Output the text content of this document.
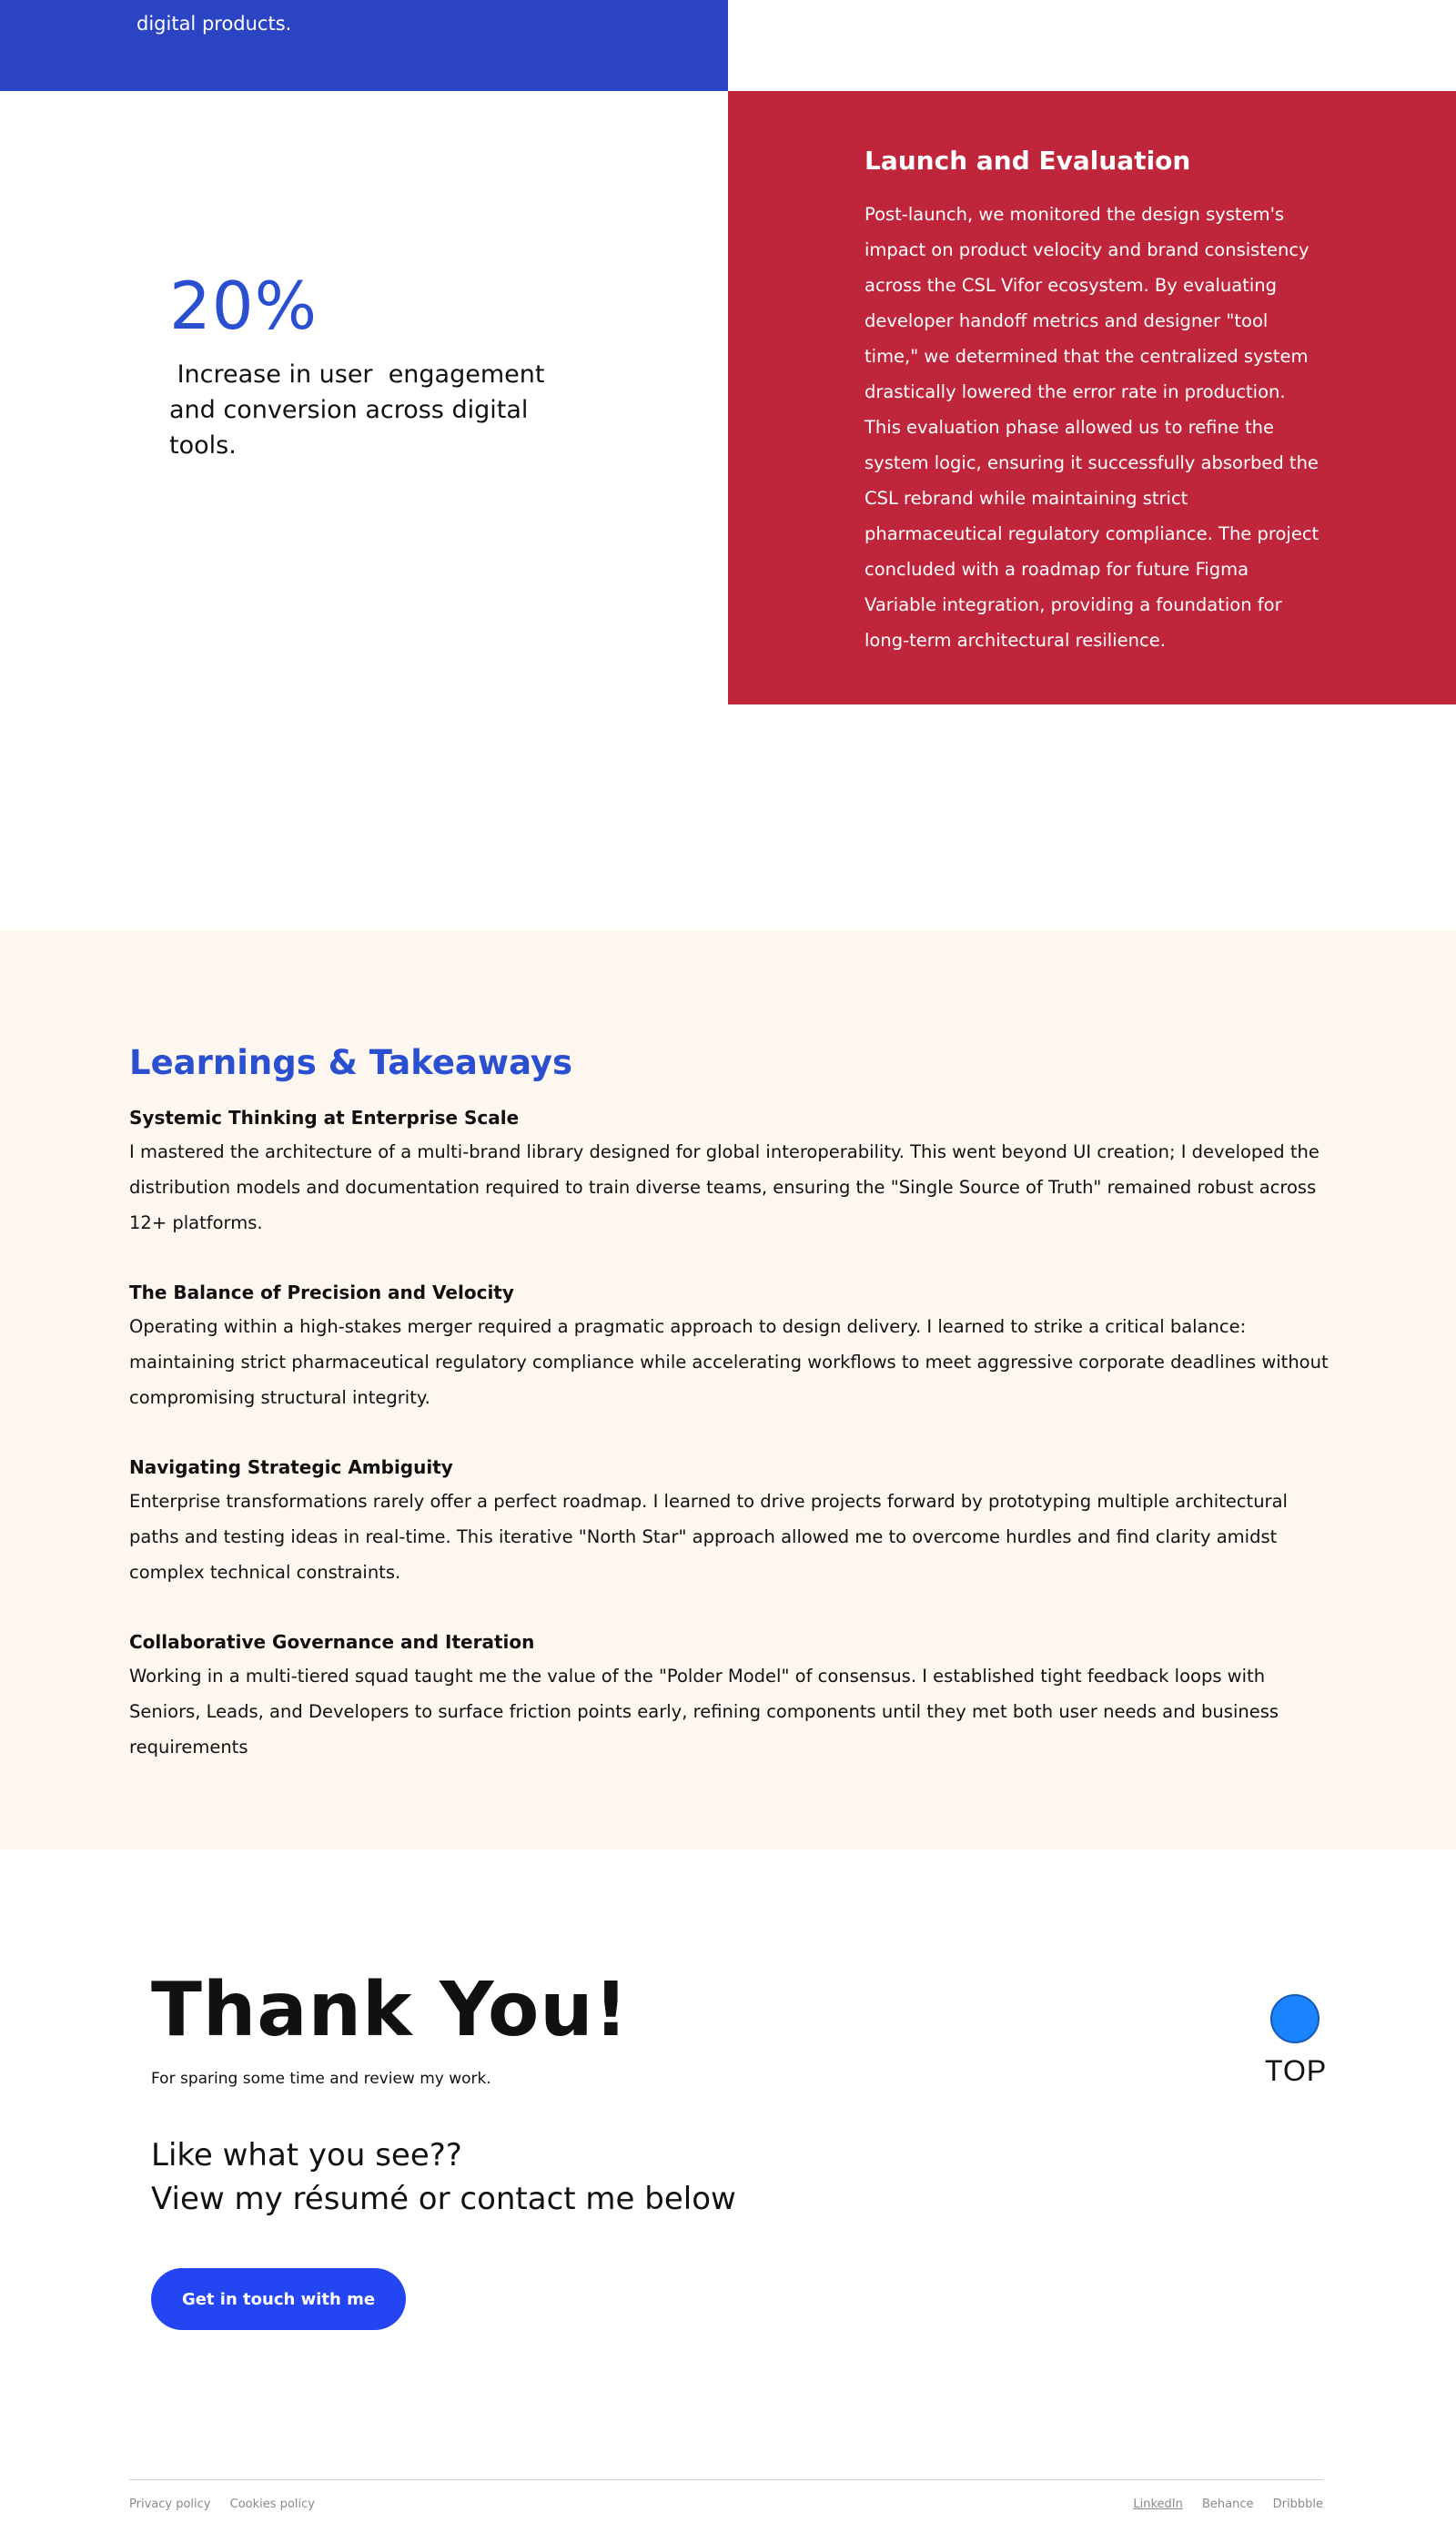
digital products.

20%
Increase in user  engagement and conversion across digital tools.
Launch and Evaluation

Post-launch, we monitored the design system's impact on product velocity and brand consistency across the CSL Vifor ecosystem. By evaluating developer handoff metrics and designer "tool time," we determined that the centralized system drastically lowered the error rate in production. This evaluation phase allowed us to refine the system logic, ensuring it successfully absorbed the CSL rebrand while maintaining strict pharmaceutical regulatory compliance. The project concluded with a roadmap for future Figma Variable integration, providing a foundation for long-term architectural resilience.

Learnings & Takeaways
Systemic Thinking at Enterprise Scale

I mastered the architecture of a multi-brand library designed for global interoperability. This went beyond UI creation; I developed the distribution models and documentation required to train diverse teams, ensuring the "Single Source of Truth" remained robust across 12+ platforms.

The Balance of Precision and Velocity

Operating within a high-stakes merger required a pragmatic approach to design delivery. I learned to strike a critical balance: maintaining strict pharmaceutical regulatory compliance while accelerating workflows to meet aggressive corporate deadlines without compromising structural integrity.

Navigating Strategic Ambiguity

Enterprise transformations rarely offer a perfect roadmap. I learned to drive projects forward by prototyping multiple architectural paths and testing ideas in real-time. This iterative "North Star" approach allowed me to overcome hurdles and find clarity amidst complex technical constraints.

Collaborative Governance and Iteration

Working in a multi-tiered squad taught me the value of the "Polder Model" of consensus. I established tight feedback loops with Seniors, Leads, and Developers to surface friction points early, refining components until they met both user needs and business requirements

Thank You!

For sparing some time and review my work.

Like what you see??
View my résumé or contact me below
Get in touch with me
TOP
Privacy policy Cookies policy	LinkedIn Behance Dribbble
